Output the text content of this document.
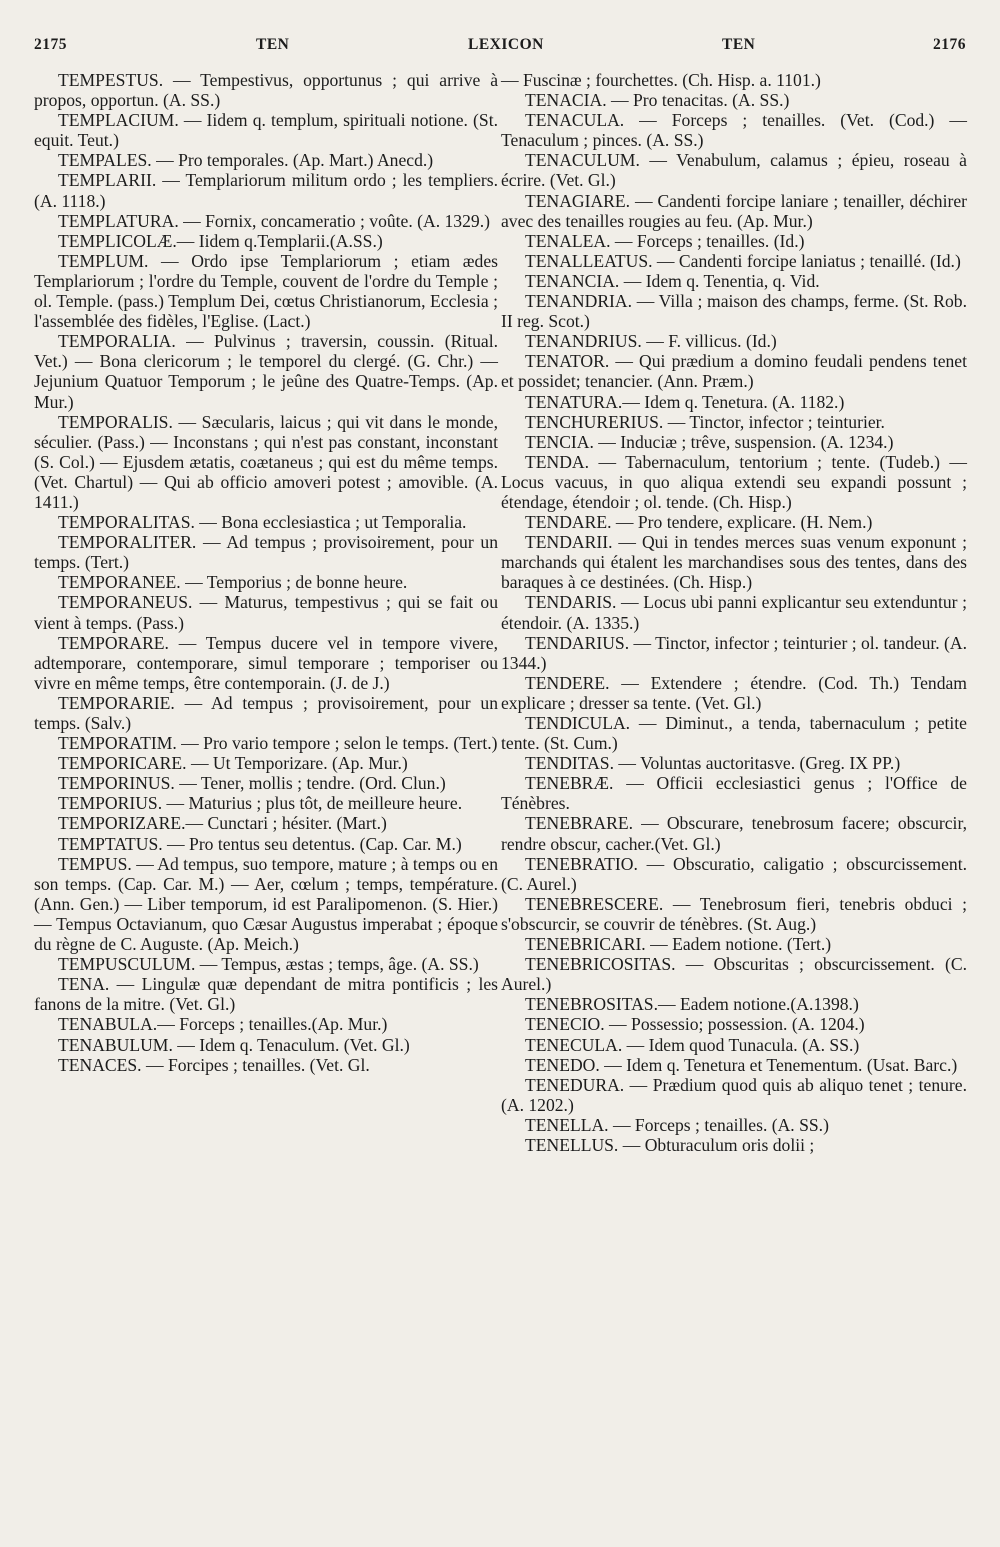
2175	TEN	LEXICON	TEN	2176

TEMPESTUS. — Tempestivus, opportunus ; qui arrive à propos, opportun. (A. SS.)

TEMPLACIUM. — Iidem q. templum, spirituali notione. (St. equit. Teut.)

TEMPALES. — Pro temporales. (Ap. Mart.) Anecd.)

TEMPLARII. — Templariorum militum ordo ; les templiers. (A. 1118.)

TEMPLATURA. — Fornix, concameratio ; voûte. (A. 1329.)

TEMPLICOLÆ.— Iidem q.Templarii.(A.SS.)

TEMPLUM. — Ordo ipse Templariorum ; etiam ædes Templariorum ; l'ordre du Temple, couvent de l'ordre du Temple ; ol. Temple. (pass.) Templum Dei, cœtus Christianorum, Ecclesia ; l'assemblée des fidèles, l'Eglise. (Lact.)

TEMPORALIA. — Pulvinus ; traversin, coussin. (Ritual. Vet.) — Bona clericorum ; le temporel du clergé. (G. Chr.) — Jejunium Quatuor Temporum ; le jeûne des Quatre-Temps. (Ap. Mur.)

TEMPORALIS. — Sæcularis, laicus ; qui vit dans le monde, séculier. (Pass.) — Inconstans ; qui n'est pas constant, inconstant (S. Col.) — Ejusdem ætatis, coætaneus ; qui est du même temps. (Vet. Chartul) — Qui ab officio amoveri potest ; amovible. (A. 1411.)

TEMPORALITAS. — Bona ecclesiastica ; ut Temporalia.

TEMPORALITER. — Ad tempus ; provisoirement, pour un temps. (Tert.)

TEMPORANEE. — Temporius ; de bonne heure.

TEMPORANEUS. — Maturus, tempestivus ; qui se fait ou vient à temps. (Pass.)

TEMPORARE. — Tempus ducere vel in tempore vivere, adtemporare, contemporare, simul temporare ; temporiser ou vivre en même temps, être contemporain. (J. de J.)

TEMPORARIE. — Ad tempus ; provisoirement, pour un temps. (Salv.)

TEMPORATIM. — Pro vario tempore ; selon le temps. (Tert.)

TEMPORICARE. — Ut Temporizare. (Ap. Mur.)

TEMPORINUS. — Tener, mollis ; tendre. (Ord. Clun.)

TEMPORIUS. — Maturius ; plus tôt, de meilleure heure.

TEMPORIZARE.— Cunctari ; hésiter. (Mart.)

TEMPTATUS. — Pro tentus seu detentus. (Cap. Car. M.)

TEMPUS. — Ad tempus, suo tempore, mature ; à temps ou en son temps. (Cap. Car. M.) — Aer, cœlum ; temps, température. (Ann. Gen.) — Liber temporum, id est Paralipomenon. (S. Hier.) — Tempus Octavianum, quo Cæsar Augustus imperabat ; époque du règne de C. Auguste. (Ap. Meich.)

TEMPUSCULUM. — Tempus, æstas ; temps, âge. (A. SS.)

TENA. — Lingulæ quæ dependant de mitra pontificis ; les fanons de la mitre. (Vet. Gl.)

TENABULA.— Forceps ; tenailles.(Ap. Mur.)

TENABULUM. — Idem q. Tenaculum. (Vet. Gl.)

TENACES. — Forcipes ; tenailles. (Vet. Gl.

— Fuscinæ ; fourchettes. (Ch. Hisp. a. 1101.)

TENACIA. — Pro tenacitas. (A. SS.)

TENACULA. — Forceps ; tenailles. (Vet. (Cod.) — Tenaculum ; pinces. (A. SS.)

TENACULUM. — Venabulum, calamus ; épieu, roseau à écrire. (Vet. Gl.)

TENAGIARE. — Candenti forcipe laniare ; tenailler, déchirer avec des tenailles rougies au feu. (Ap. Mur.)

TENALEA. — Forceps ; tenailles. (Id.)

TENALLEATUS. — Candenti forcipe laniatus ; tenaillé. (Id.)

TENANCIA. — Idem q. Tenentia, q. Vid.

TENANDRIA. — Villa ; maison des champs, ferme. (St. Rob. II reg. Scot.)

TENANDRIUS. — F. villicus. (Id.)

TENATOR. — Qui prædium a domino feudali pendens tenet et possidet; tenancier. (Ann. Præm.)

TENATURA.— Idem q. Tenetura. (A. 1182.)

TENCHURERIUS. — Tinctor, infector ; teinturier.

TENCIA. — Induciæ ; trêve, suspension. (A. 1234.)

TENDA. — Tabernaculum, tentorium ; tente. (Tudeb.) — Locus vacuus, in quo aliqua extendi seu expandi possunt ; étendage, étendoir ; ol. tende. (Ch. Hisp.)

TENDARE. — Pro tendere, explicare. (H. Nem.)

TENDARII. — Qui in tendes merces suas venum exponunt ; marchands qui étalent les marchandises sous des tentes, dans des baraques à ce destinées. (Ch. Hisp.)

TENDARIS. — Locus ubi panni explicantur seu extenduntur ; étendoir. (A. 1335.)

TENDARIUS. — Tinctor, infector ; teinturier ; ol. tandeur. (A. 1344.)

TENDERE. — Extendere ; étendre. (Cod. Th.) Tendam explicare ; dresser sa tente. (Vet. Gl.)

TENDICULA. — Diminut., a tenda, tabernaculum ; petite tente. (St. Cum.)

TENDITAS. — Voluntas auctoritasve. (Greg. IX PP.)

TENEBRÆ. — Officii ecclesiastici genus ; l'Office de Ténèbres.

TENEBRARE. — Obscurare, tenebrosum facere; obscurcir, rendre obscur, cacher.(Vet. Gl.)

TENEBRATIO. — Obscuratio, caligatio ; obscurcissement. (C. Aurel.)

TENEBRESCERE. — Tenebrosum fieri, tenebris obduci ; s'obscurcir, se couvrir de ténèbres. (St. Aug.)

TENEBRICARI. — Eadem notione. (Tert.)

TENEBRICOSITAS. — Obscuritas ; obscurcissement. (C. Aurel.)

TENEBROSITAS.— Eadem notione.(A.1398.)

TENECIO. — Possessio; possession. (A. 1204.)

TENECULA. — Idem quod Tunacula. (A. SS.)

TENEDO. — Idem q. Tenetura et Tenementum. (Usat. Barc.)

TENEDURA. — Prædium quod quis ab aliquo tenet ; tenure. (A. 1202.)

TENELLA. — Forceps ; tenailles. (A. SS.)

TENELLUS. — Obturaculum oris dolii ;
